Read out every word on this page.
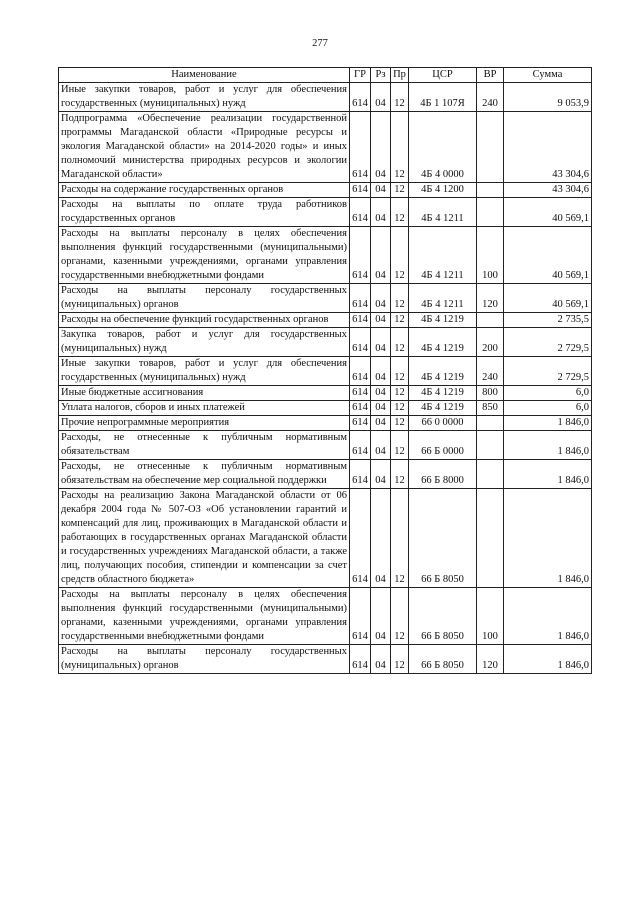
277
Наименование	ГР	Рз	Пр	ЦСР	ВР	Сумма
Иные закупки товаров, работ и услуг для обеспечения государственных (муниципальных) нужд	614	04	12	4Б 1 107Я	240	9 053,9
Подпрограмма «Обеспечение реализации государственной программы Магаданской области «Природные ресурсы и экология Магаданской области» на 2014-2020 годы» и иных полномочий министерства природных ресурсов и экологии Магаданской области»	614	04	12	4Б 4 0000		43 304,6
Расходы на содержание государственных органов	614	04	12	4Б 4 1200		43 304,6
Расходы на выплаты по оплате труда работников государственных органов	614	04	12	4Б 4 1211		40 569,1
Расходы на выплаты персоналу в целях обеспечения выполнения функций государственными (муниципальными) органами, казенными учреждениями, органами управления государственными внебюджетными фондами	614	04	12	4Б 4 1211	100	40 569,1
Расходы на выплаты персоналу государственных (муниципальных) органов	614	04	12	4Б 4 1211	120	40 569,1
Расходы на обеспечение функций государственных органов	614	04	12	4Б 4 1219		2 735,5
Закупка товаров, работ и услуг для государственных (муниципальных) нужд	614	04	12	4Б 4 1219	200	2 729,5
Иные закупки товаров, работ и услуг для обеспечения государственных (муниципальных) нужд	614	04	12	4Б 4 1219	240	2 729,5
Иные бюджетные ассигнования	614	04	12	4Б 4 1219	800	6,0
Уплата налогов, сборов и иных платежей	614	04	12	4Б 4 1219	850	6,0
Прочие непрограммные мероприятия	614	04	12	66 0 0000		1 846,0
Расходы, не отнесенные к публичным нормативным обязательствам	614	04	12	66 Б 0000		1 846,0
Расходы, не отнесенные к публичным нормативным обязательствам на обеспечение мер социальной поддержки	614	04	12	66 Б 8000		1 846,0
Расходы на реализацию Закона Магаданской области от 06 декабря 2004 года № 507-ОЗ «Об установлении гарантий и компенсаций для лиц, проживающих в Магаданской области и работающих в государственных органах Магаданской области и государственных учреждениях Магаданской области, а также лиц, получающих пособия, стипендии и компенсации за счет средств областного бюджета»	614	04	12	66 Б 8050		1 846,0
Расходы на выплаты персоналу в целях обеспечения выполнения функций государственными (муниципальными) органами, казенными учреждениями, органами управления государственными внебюджетными фондами	614	04	12	66 Б 8050	100	1 846,0
Расходы на выплаты персоналу государственных (муниципальных) органов	614	04	12	66 Б 8050	120	1 846,0
